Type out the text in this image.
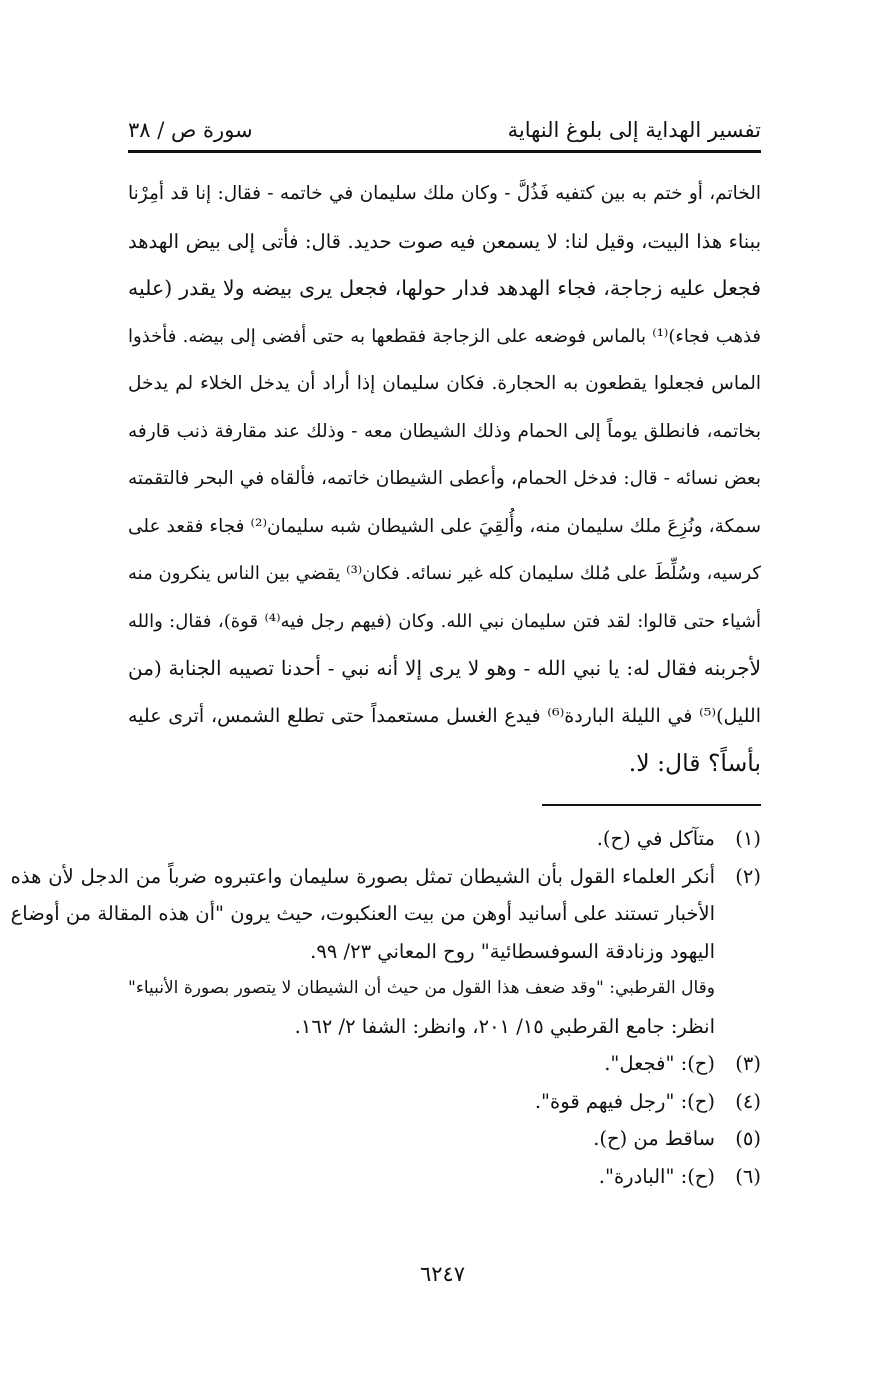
تفسير الهداية إلى بلوغ النهاية
سورة ص / ٣٨
الخاتم، أو ختم به بين كتفيه فَذُلَّ - وكان ملك سليمان في خاتمه - فقال: إنا قد أمِرْنا
ببناء هذا البيت، وقيل لنا: لا يسمعن فيه صوت حديد. قال: فأتى إلى بيض الهدهد
فجعل عليه زجاجة، فجاء الهدهد فدار حولها، فجعل يرى بيضه ولا يقدر (عليه
فذهب فجاء)⁽¹⁾ بالماس فوضعه على الزجاجة فقطعها به حتى أفضى إلى بيضه. فأخذوا
الماس فجعلوا يقطعون به الحجارة. فكان سليمان إذا أراد أن يدخل الخلاء لم يدخل
بخاتمه، فانطلق يوماً إلى الحمام وذلك الشيطان معه - وذلك عند مقارفة ذنب قارفه
بعض نسائه - قال: فدخل الحمام، وأعطى الشيطان خاتمه، فألقاه في البحر فالتقمته
سمكة، ونُزِعَ ملك سليمان منه، وأُلقِيَ على الشيطان شبه سليمان⁽²⁾ فجاء فقعد على
كرسيه، وسُلِّطَ على مُلك سليمان كله غير نسائه. فكان⁽³⁾ يقضي بين الناس ينكرون منه
أشياء حتى قالوا: لقد فتن سليمان نبي الله. وكان (فيهم رجل فيه⁽⁴⁾ قوة)، فقال: والله
لأجربنه فقال له: يا نبي الله - وهو لا يرى إلا أنه نبي - أحدنا تصيبه الجنابة (من
الليل)⁽⁵⁾ في الليلة الباردة⁽⁶⁾ فيدع الغسل مستعمداً حتى تطلع الشمس، أترى عليه
بأساً؟ قال: لا.
(١)
متآكل في (ح).
(٢)
أنكر العلماء القول بأن الشيطان تمثل بصورة سليمان واعتبروه ضرباً من الدجل لأن هذه
الأخبار تستند على أسانيد أوهن من بيت العنكبوت، حيث يرون "أن هذه المقالة من أوضاع
اليهود وزنادقة السوفسطائية" روح المعاني ٢٣/ ٩٩.
وقال القرطبي: "وقد ضعف هذا القول من حيث أن الشيطان لا يتصور بصورة الأنبياء"
انظر: جامع القرطبي ١٥/ ٢٠١، وانظر: الشفا ٢/ ١٦٢.
(٣)
(ح): "فجعل".
(٤)
(ح): "رجل فيهم قوة".
(٥)
ساقط من (ح).
(٦)
(ح): "البادرة".
٦٢٤٧
